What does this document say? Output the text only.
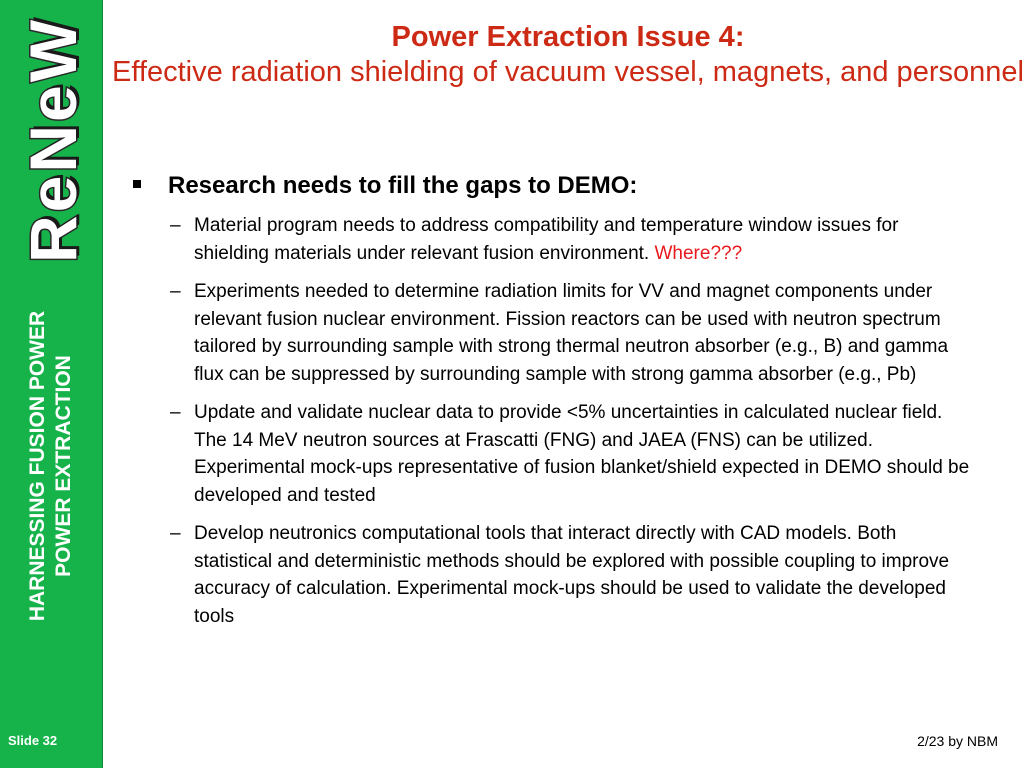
ReNeW
HARNESSING FUSION POWER POWER EXTRACTION
Slide 32
Power Extraction Issue 4:
Effective radiation shielding of vacuum vessel, magnets, and personnel
Research needs to fill the gaps to DEMO:
– Material program needs to address compatibility and temperature window issues for shielding materials under relevant fusion environment. Where???
– Experiments needed to determine radiation limits for VV and magnet components under relevant fusion nuclear environment. Fission reactors can be used with neutron spectrum tailored by surrounding sample with strong thermal neutron absorber (e.g., B) and gamma flux can be suppressed by surrounding sample with strong gamma absorber (e.g., Pb)
– Update and validate nuclear data to provide <5% uncertainties in calculated nuclear field. The 14 MeV neutron sources at Frascatti (FNG) and JAEA (FNS) can be utilized. Experimental mock-ups representative of fusion blanket/shield expected in DEMO should be developed and tested
– Develop neutronics computational tools that interact directly with CAD models. Both statistical and deterministic methods should be explored with possible coupling to improve accuracy of calculation. Experimental mock-ups should be used to validate the developed tools
2/23 by NBM
